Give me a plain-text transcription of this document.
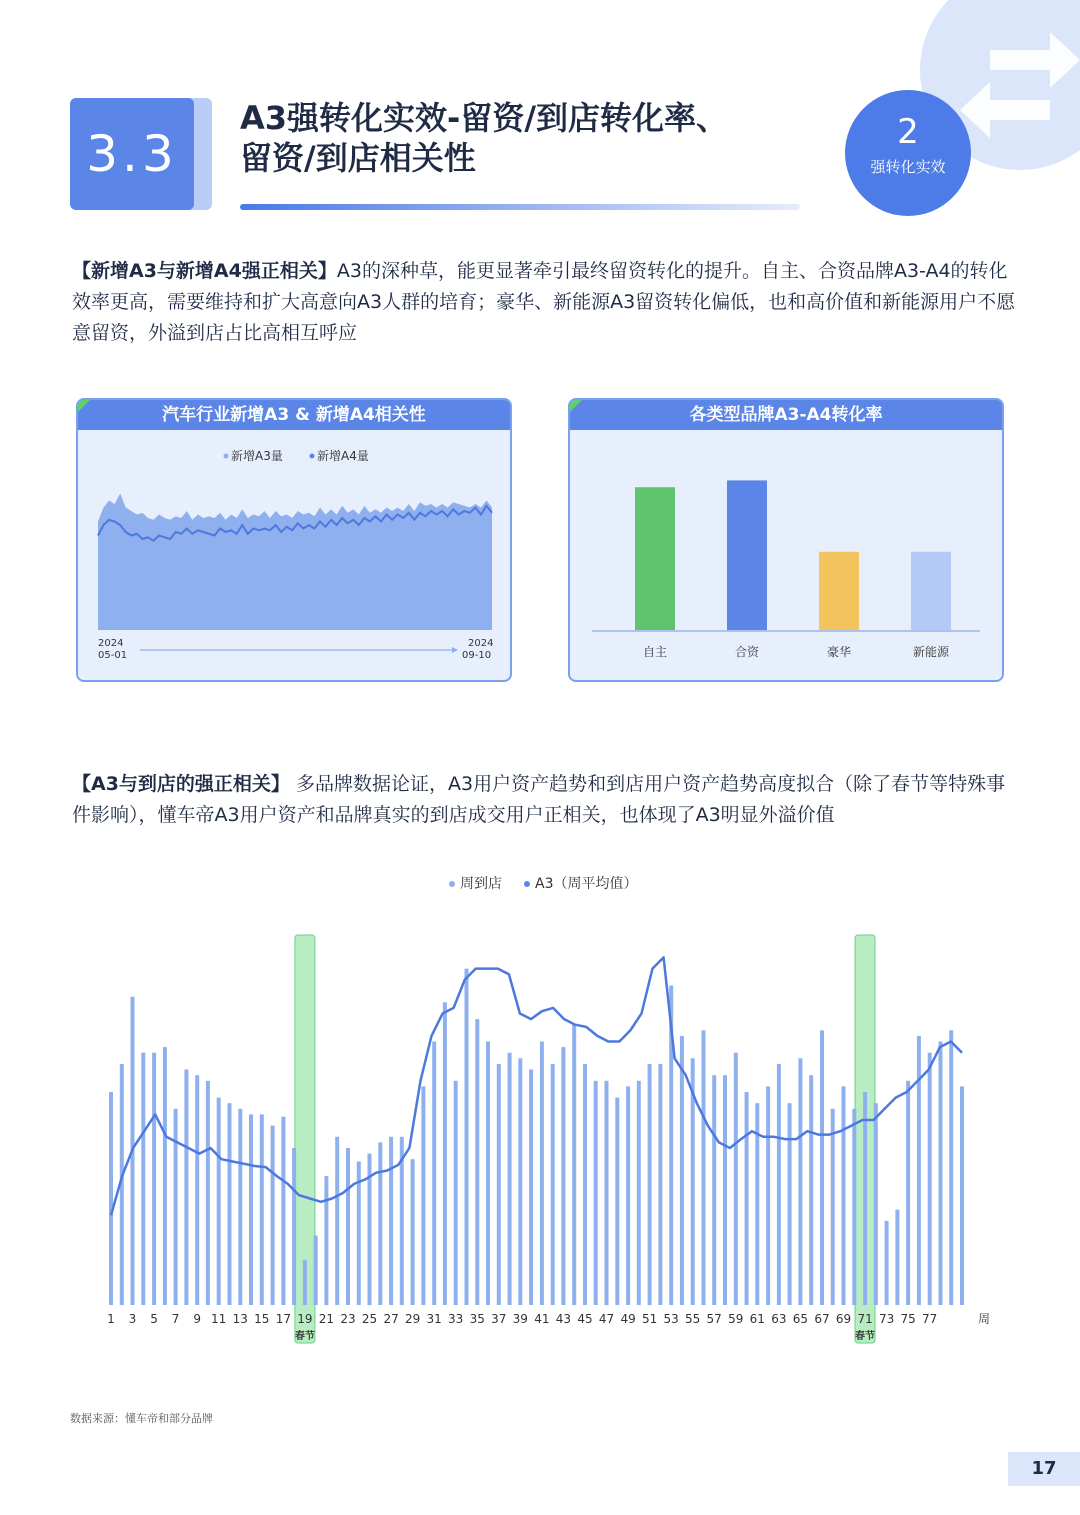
3.3
A3强转化实效-留资/到店转化率、
留资/到店相关性
2
强转化实效
【新增A3与新增A4强正相关】A3的深种草，能更显著牵引最终留资转化的提升。自主、合资品牌A3-A4的转化效率更高，需要维持和扩大高意向A3人群的培育；豪华、新能源A3留资转化偏低，也和高价值和新能源用户不愿意留资，外溢到店占比高相互呼应
汽车行业新增A3 & 新增A4相关性
新增A3量	新增A4量
2024
05-01
2024
09-10
各类型品牌A3-A4转化率
自主	合资	豪华	新能源
【A3与到店的强正相关】 多品牌数据论证，A3用户资产趋势和到店用户资产趋势高度拟合（除了春节等特殊事件影响），懂车帝A3用户资产和品牌真实的到店成交用户正相关，也体现了A3明显外溢价值
周到店 A3（周平均值）
春节	春节
1 3 5 7 9 11 13 15 17 19 21 23 25 27 29 31 33 35 37 39 41 43 45 47 49 51 53 55 57 59 61 63 65 67 69 71 73 75 77	周
数据来源：懂车帝和部分品牌
17
